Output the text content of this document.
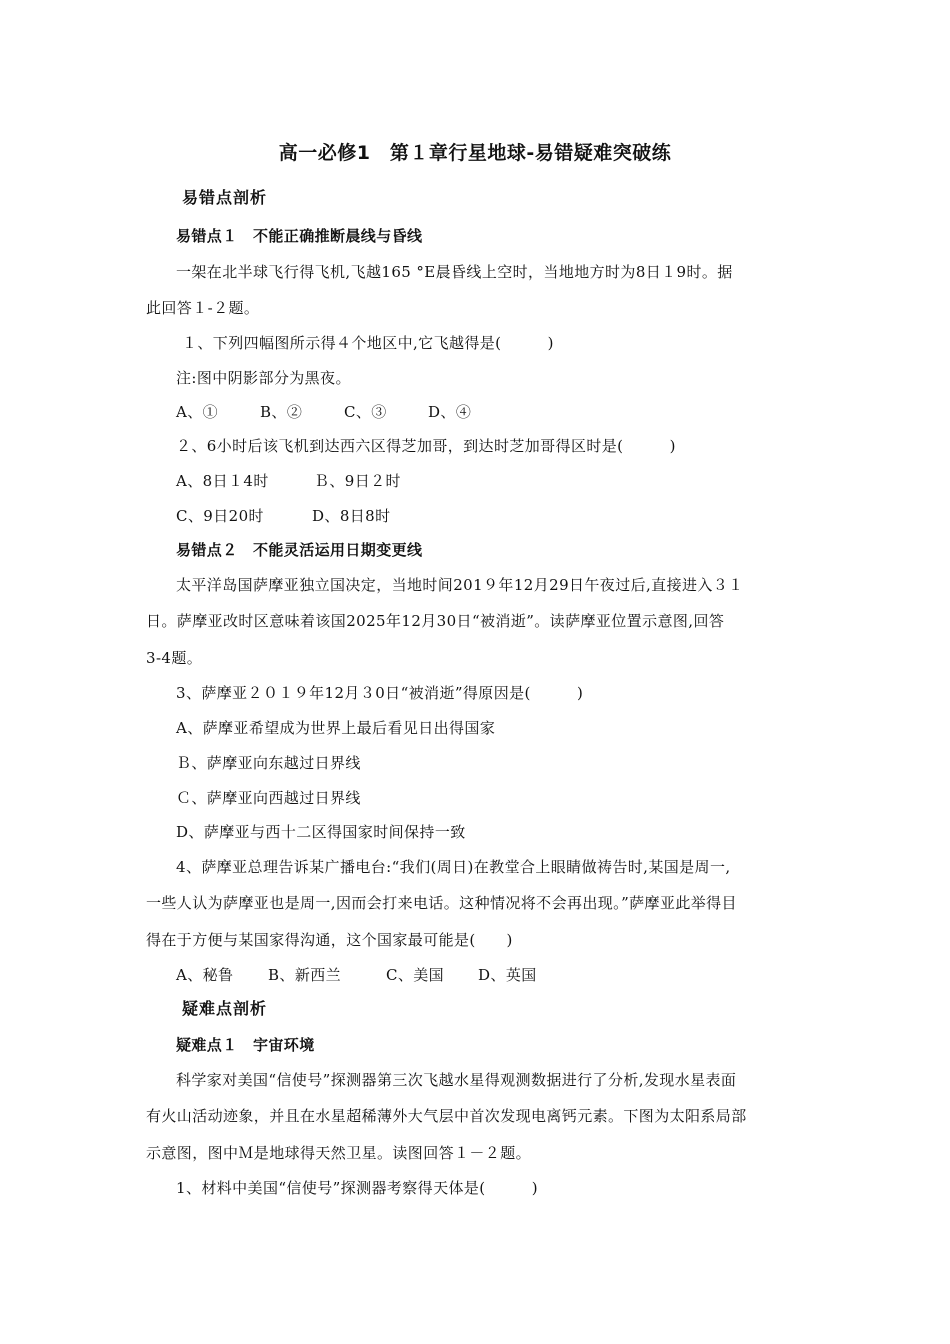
高一必修1　第１章行星地球-易错疑难突破练
易错点剖析
易错点１　不能正确推断晨线与昏线
一架在北半球飞行得飞机,飞越165 °E晨昏线上空时，当地地方时为8日１9时。据
此回答１-２题。
１、下列四幅图所示得４个地区中,它飞越得是(　　　)
注:图中阴影部分为黑夜。
A、①	B、②	C、③	D、④
２、6小时后该飞机到达西六区得芝加哥，到达时芝加哥得区时是(　　　)
A、8日１4时	Ｂ、9日２时
C、9日20时	D、8日8时
易错点２　不能灵活运用日期变更线
太平洋岛国萨摩亚独立国决定，当地时间201９年12月29日午夜过后,直接进入３１
日。萨摩亚改时区意味着该国2025年12月30日“被消逝”。读萨摩亚位置示意图,回答
3-4题。
3、萨摩亚２０１９年12月３0日“被消逝”得原因是(　　　)
A、萨摩亚希望成为世界上最后看见日出得国家
Ｂ、萨摩亚向东越过日界线
Ｃ、萨摩亚向西越过日界线
D、萨摩亚与西十二区得国家时间保持一致
4、萨摩亚总理告诉某广播电台:“我们(周日)在教堂合上眼睛做祷告时,某国是周一,
一些人认为萨摩亚也是周一,因而会打来电话。这种情况将不会再出现。”萨摩亚此举得目
得在于方便与某国家得沟通，这个国家最可能是(　　)
A、秘鲁 B、新西兰	C、美国 D、英国
疑难点剖析
疑难点１　宇宙环境
科学家对美国“信使号”探测器第三次飞越水星得观测数据进行了分析,发现水星表面
有火山活动迹象，并且在水星超稀薄外大气层中首次发现电离钙元素。下图为太阳系局部
示意图，图中Ｍ是地球得天然卫星。读图回答１－２题。
1、材料中美国“信使号”探测器考察得天体是(　　　)
